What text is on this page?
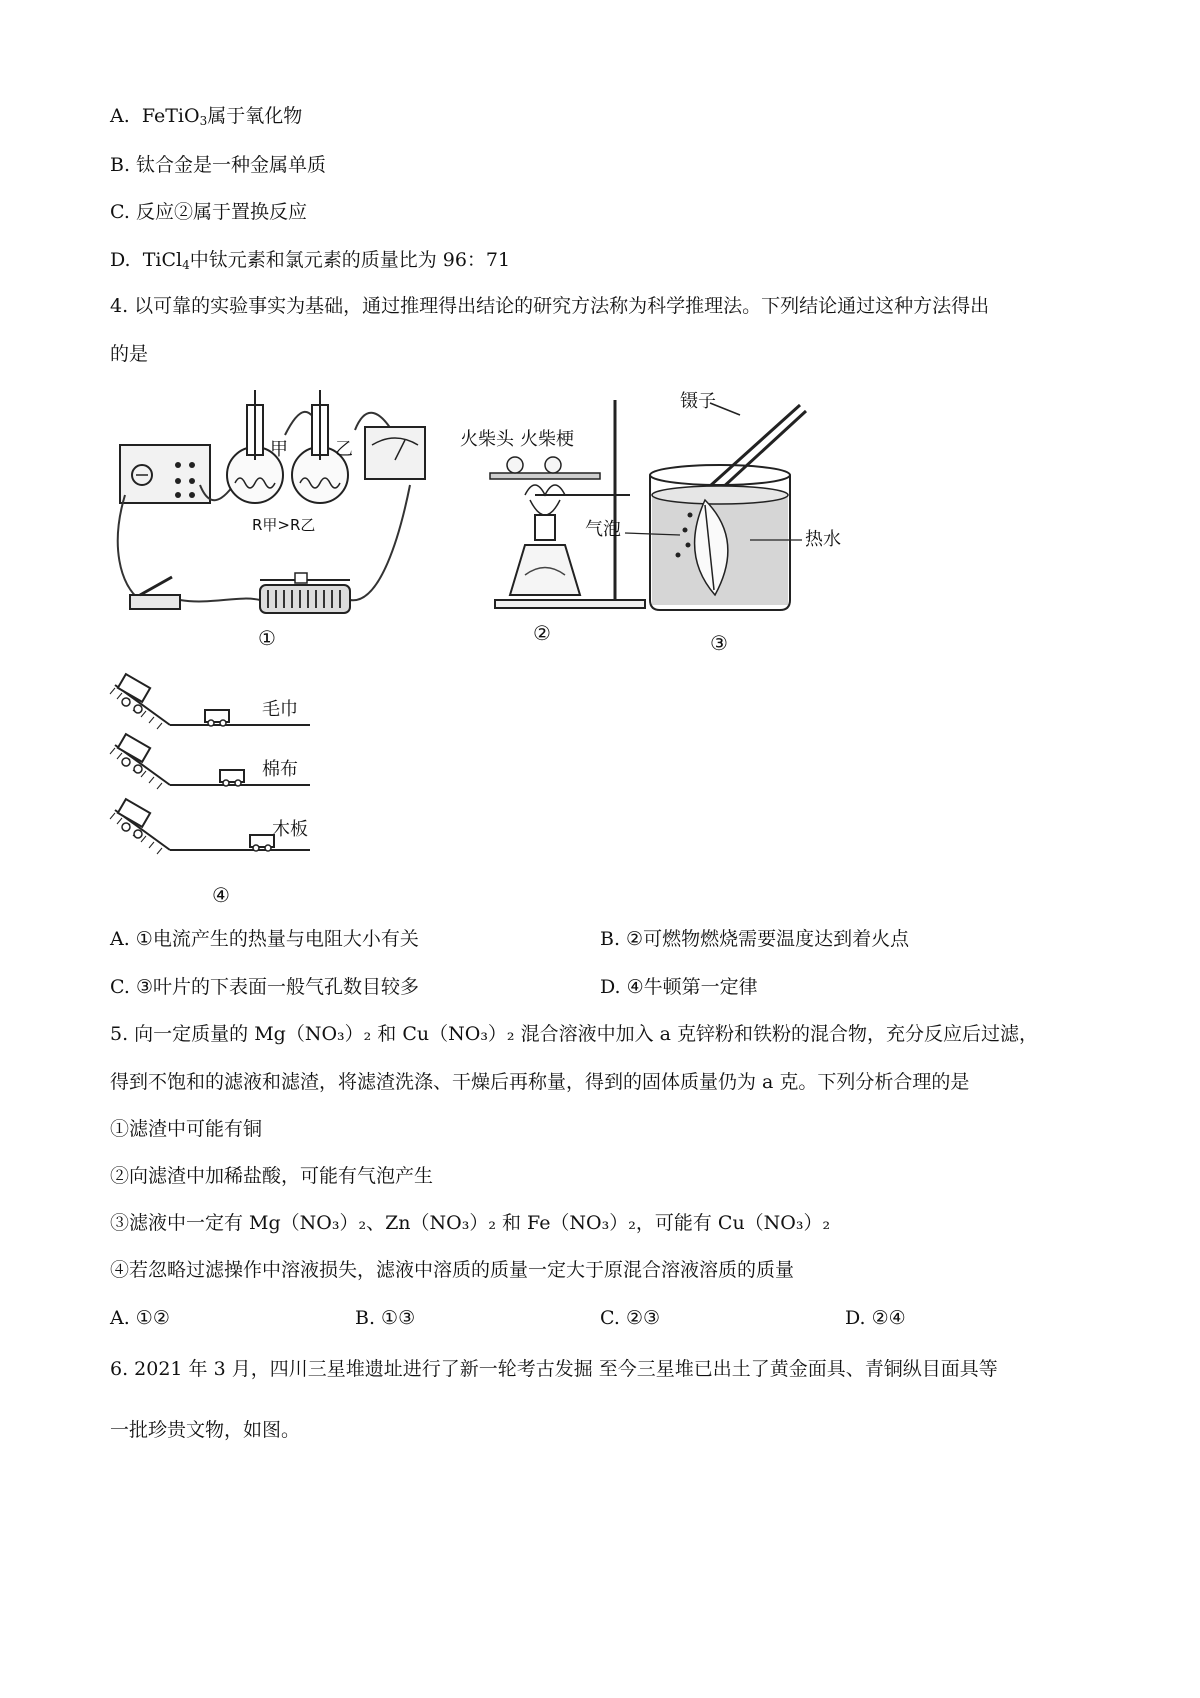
A. FeTiO$_3$属于氧化物
B. 钛合金是一种金属单质
C. 反应②属于置换反应
D. TiCl$_4$中钛元素和氯元素的质量比为 96：71
4. 以可靠的实验事实为基础，通过推理得出结论的研究方法称为科学推理法。下列结论通过这种方法得出
的是
甲	乙
R甲>R乙
①
火柴头 火柴梗
②
镊子
气泡	热水
③
毛巾
棉布
木板
④
A. ①电流产生的热量与电阻大小有关	B. ②可燃物燃烧需要温度达到着火点
C. ③叶片的下表面一般气孔数目较多	D. ④牛顿第一定律
5. 向一定质量的 Mg（NO₃）₂ 和 Cu（NO₃）₂ 混合溶液中加入 a 克锌粉和铁粉的混合物，充分反应后过滤，
得到不饱和的滤液和滤渣，将滤渣洗涤、干燥后再称量，得到的固体质量仍为 a 克。下列分析合理的是
①滤渣中可能有铜
②向滤渣中加稀盐酸，可能有气泡产生
③滤液中一定有 Mg（NO₃）₂、Zn（NO₃）₂ 和 Fe（NO₃）₂，可能有 Cu（NO₃）₂
④若忽略过滤操作中溶液损失，滤液中溶质的质量一定大于原混合溶液溶质的质量
A. ①②	B. ①③	C. ②③	D. ②④
6. 2021 年 3 月，四川三星堆遗址进行了新一轮考古发掘 至今三星堆已出土了黄金面具、青铜纵目面具等
一批珍贵文物，如图。
